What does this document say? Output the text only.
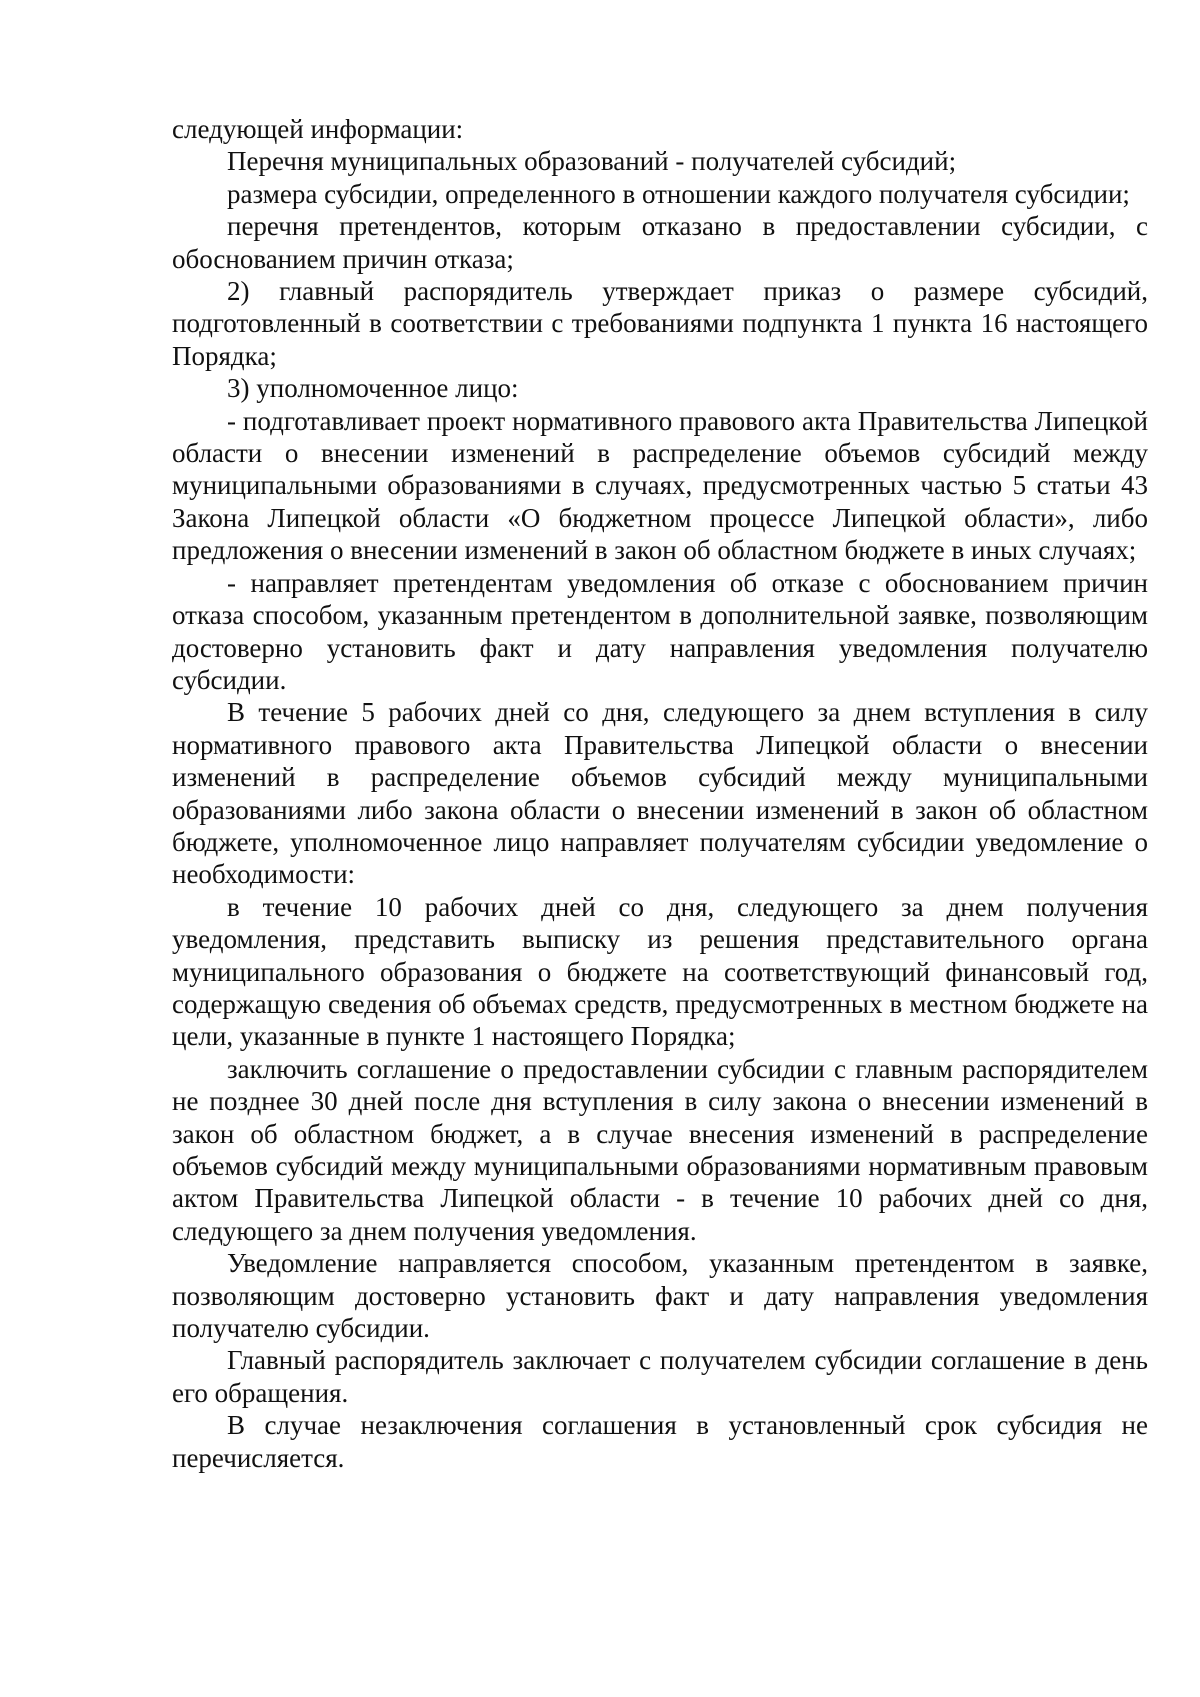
следующей информации:

Перечня муниципальных образований - получателей субсидий;

размера субсидии, определенного в отношении каждого получателя субсидии;

перечня претендентов, которым отказано в предоставлении субсидии, с обоснованием причин отказа;

2) главный распорядитель утверждает приказ о размере субсидий, подготовленный в соответствии с требованиями подпункта 1 пункта 16 настоящего Порядка;

3) уполномоченное лицо:

- подготавливает проект нормативного правового акта Правительства Липецкой области о внесении изменений в распределение объемов субсидий между муниципальными образованиями в случаях, предусмотренных частью 5 статьи 43 Закона Липецкой области «О бюджетном процессе Липецкой области», либо предложения о внесении изменений в закон об областном бюджете в иных случаях;

- направляет претендентам уведомления об отказе с обоснованием причин отказа способом, указанным претендентом в дополнительной заявке, позволяющим достоверно установить факт и дату направления уведомления получателю субсидии.

В течение 5 рабочих дней со дня, следующего за днем вступления в силу нормативного правового акта Правительства Липецкой области о внесении изменений в распределение объемов субсидий между муниципальными образованиями либо закона области о внесении изменений в закон об областном бюджете, уполномоченное лицо направляет получателям субсидии уведомление о необходимости:

в течение 10 рабочих дней со дня, следующего за днем получения уведомления, представить выписку из решения представительного органа муниципального образования о бюджете на соответствующий финансовый год, содержащую сведения об объемах средств, предусмотренных в местном бюджете на цели, указанные в пункте 1 настоящего Порядка;

заключить соглашение о предоставлении субсидии с главным распорядителем не позднее 30 дней после дня вступления в силу закона о внесении изменений в закон об областном бюджет, а в случае внесения изменений в распределение объемов субсидий между муниципальными образованиями нормативным правовым актом Правительства Липецкой области - в течение 10 рабочих дней со дня, следующего за днем получения уведомления.

Уведомление направляется способом, указанным претендентом в заявке, позволяющим достоверно установить факт и дату направления уведомления получателю субсидии.

Главный распорядитель заключает с получателем субсидии соглашение в день его обращения.

В случае незаключения соглашения в установленный срок субсидия не перечисляется.
